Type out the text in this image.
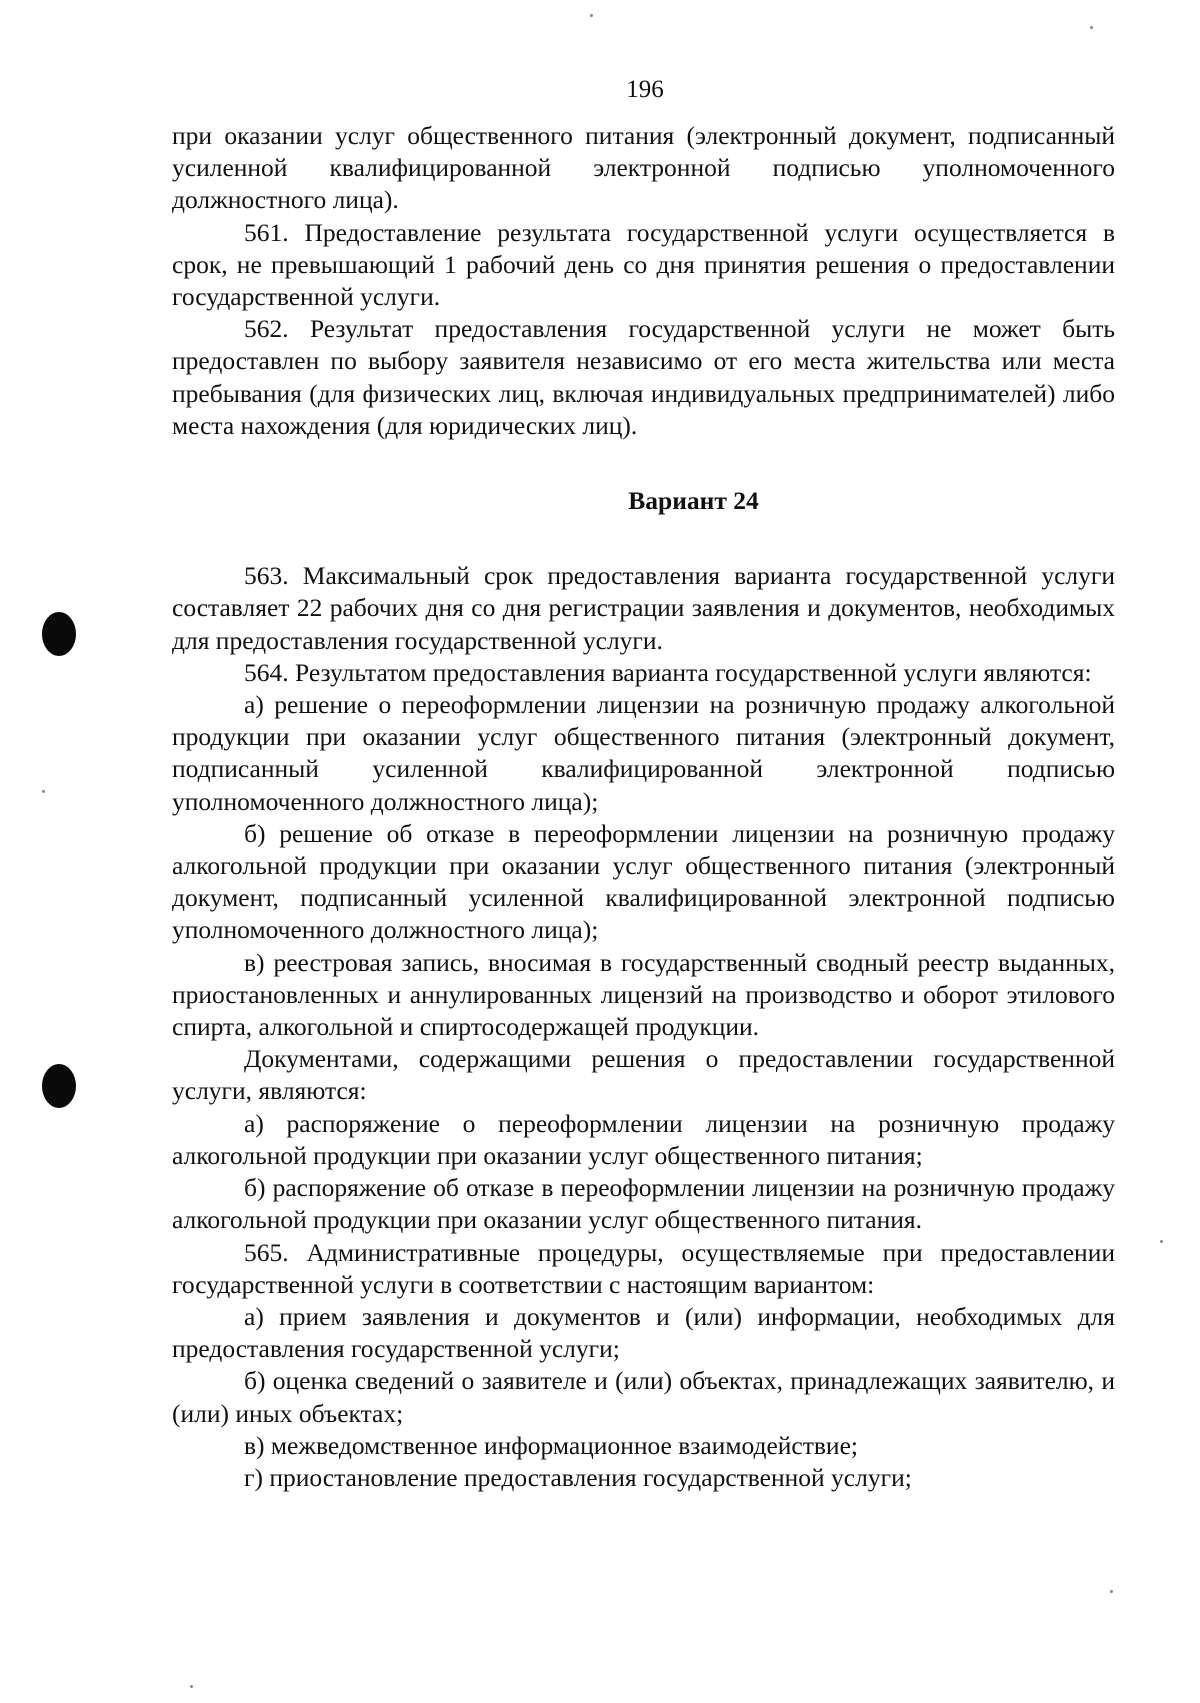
196

при оказании услуг общественного питания (электронный документ, подписанный усиленной квалифицированной электронной подписью уполномоченного должностного лица).

561. Предоставление результата государственной услуги осуществляется в срок, не превышающий 1 рабочий день со дня принятия решения о предоставлении государственной услуги.

562. Результат предоставления государственной услуги не может быть предоставлен по выбору заявителя независимо от его места жительства или места пребывания (для физических лиц, включая индивидуальных предпринимателей) либо места нахождения (для юридических лиц).

Вариант 24

563. Максимальный срок предоставления варианта государственной услуги составляет 22 рабочих дня со дня регистрации заявления и документов, необходимых для предоставления государственной услуги.

564. Результатом предоставления варианта государственной услуги являются:

а) решение о переоформлении лицензии на розничную продажу алкогольной продукции при оказании услуг общественного питания (электронный документ, подписанный усиленной квалифицированной электронной подписью уполномоченного должностного лица);

б) решение об отказе в переоформлении лицензии на розничную продажу алкогольной продукции при оказании услуг общественного питания (электронный документ, подписанный усиленной квалифицированной электронной подписью уполномоченного должностного лица);

в) реестровая запись, вносимая в государственный сводный реестр выданных, приостановленных и аннулированных лицензий на производство и оборот этилового спирта, алкогольной и спиртосодержащей продукции.

Документами, содержащими решения о предоставлении государственной услуги, являются:

а) распоряжение о переоформлении лицензии на розничную продажу алкогольной продукции при оказании услуг общественного питания;

б) распоряжение об отказе в переоформлении лицензии на розничную продажу алкогольной продукции при оказании услуг общественного питания.

565. Административные процедуры, осуществляемые при предоставлении государственной услуги в соответствии с настоящим вариантом:

а) прием заявления и документов и (или) информации, необходимых для предоставления государственной услуги;

б) оценка сведений о заявителе и (или) объектах, принадлежащих заявителю, и (или) иных объектах;

в) межведомственное информационное взаимодействие;

г) приостановление предоставления государственной услуги;
